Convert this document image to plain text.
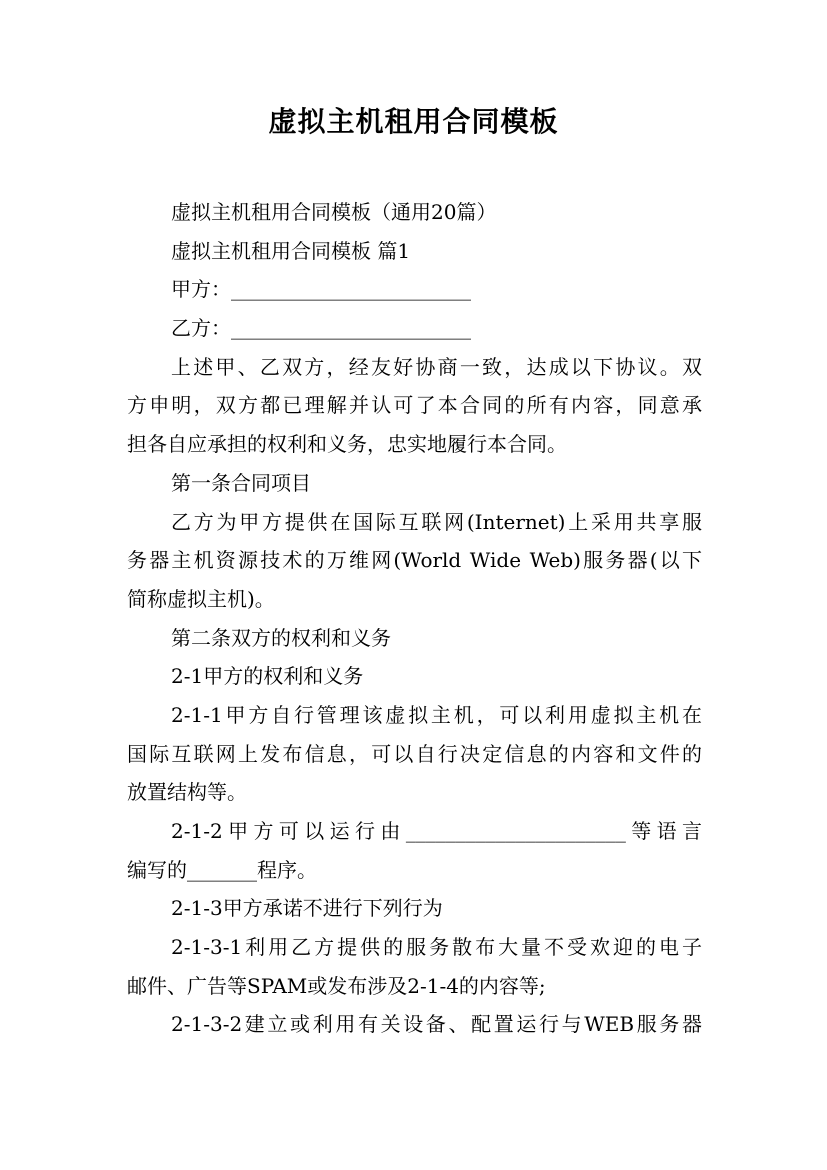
虚拟主机租用合同模板
虚拟主机租用合同模板（通用20篇）
虚拟主机租用合同模板 篇1
甲方：________________________
乙方：________________________
上述甲、乙双方，经友好协商一致，达成以下协议。双
方申明，双方都已理解并认可了本合同的所有内容，同意承
担各自应承担的权利和义务，忠实地履行本合同。
第一条合同项目
乙方为甲方提供在国际互联网(Internet)上采用共享服
务器主机资源技术的万维网(World Wide Web)服务器(以下
简称虚拟主机)。
第二条双方的权利和义务
2-1甲方的权利和义务
2-1-1甲方自行管理该虚拟主机，可以利用虚拟主机在
国际互联网上发布信息，可以自行决定信息的内容和文件的
放置结构等。
2-1-2甲方可以运行由______________________等语言
编写的_______程序。
2-1-3甲方承诺不进行下列行为
2-1-3-1利用乙方提供的服务散布大量不受欢迎的电子
邮件、广告等SPAM或发布涉及2-1-4的内容等;
2-1-3-2建立或利用有关设备、配置运行与WEB服务器
